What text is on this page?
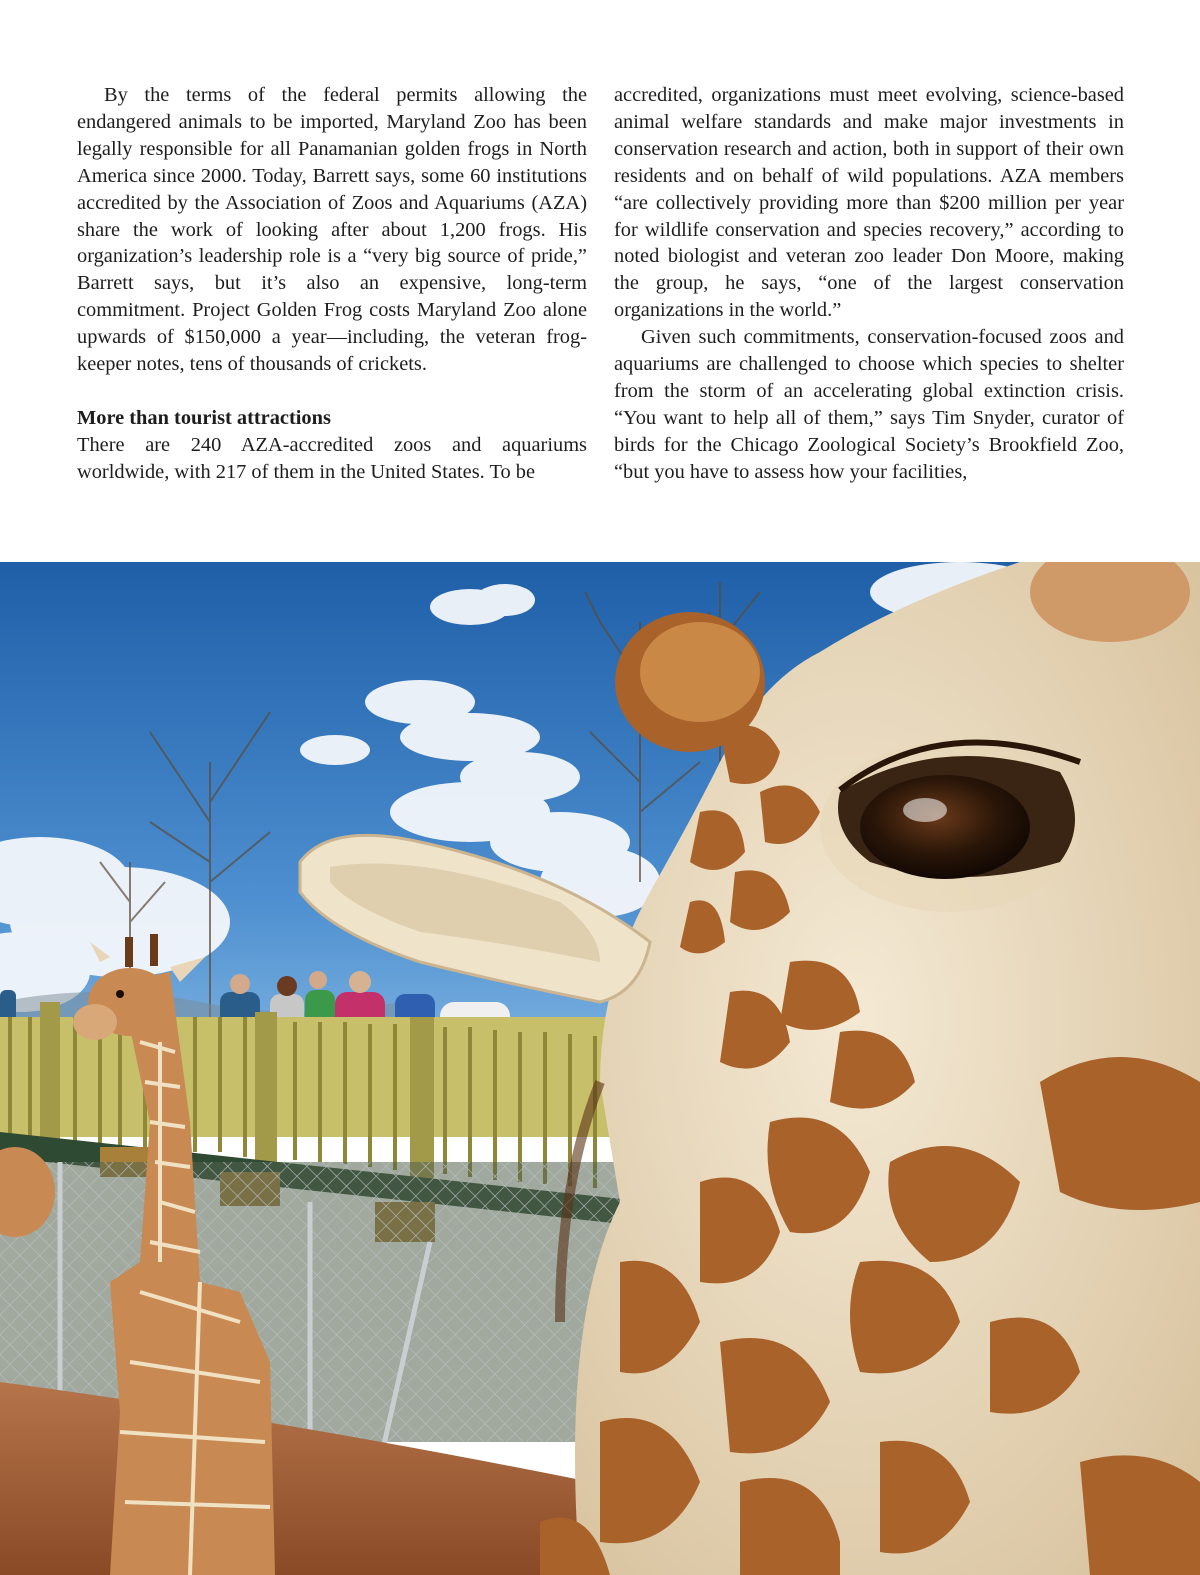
By the terms of the federal permits allowing the endangered animals to be imported, Maryland Zoo has been legally responsible for all Panamanian golden frogs in North America since 2000. Today, Barrett says, some 60 institutions accredited by the Association of Zoos and Aquariums (AZA) share the work of looking after about 1,200 frogs. His organization’s leadership role is a “very big source of pride,” Barrett says, but it’s also an expensive, long-term commitment. Project Golden Frog costs Maryland Zoo alone upwards of $150,000 a year—including, the veteran frog-keeper notes, tens of thousands of crickets.

More than tourist attractions

There are 240 AZA-accredited zoos and aquariums worldwide, with 217 of them in the United States. To be

accredited, organizations must meet evolving, science-based animal welfare standards and make major investments in conservation research and action, both in support of their own residents and on behalf of wild populations. AZA members “are collectively providing more than $200 million per year for wildlife conservation and species recovery,” according to noted biologist and veteran zoo leader Don Moore, making the group, he says, “one of the largest conservation organizations in the world.”

Given such commitments, conservation-focused zoos and aquariums are challenged to choose which species to shelter from the storm of an accelerating global extinction crisis. “You want to help all of them,” says Tim Snyder, curator of birds for the Chicago Zoological Society’s Brookfield Zoo, “but you have to assess how your facilities,
